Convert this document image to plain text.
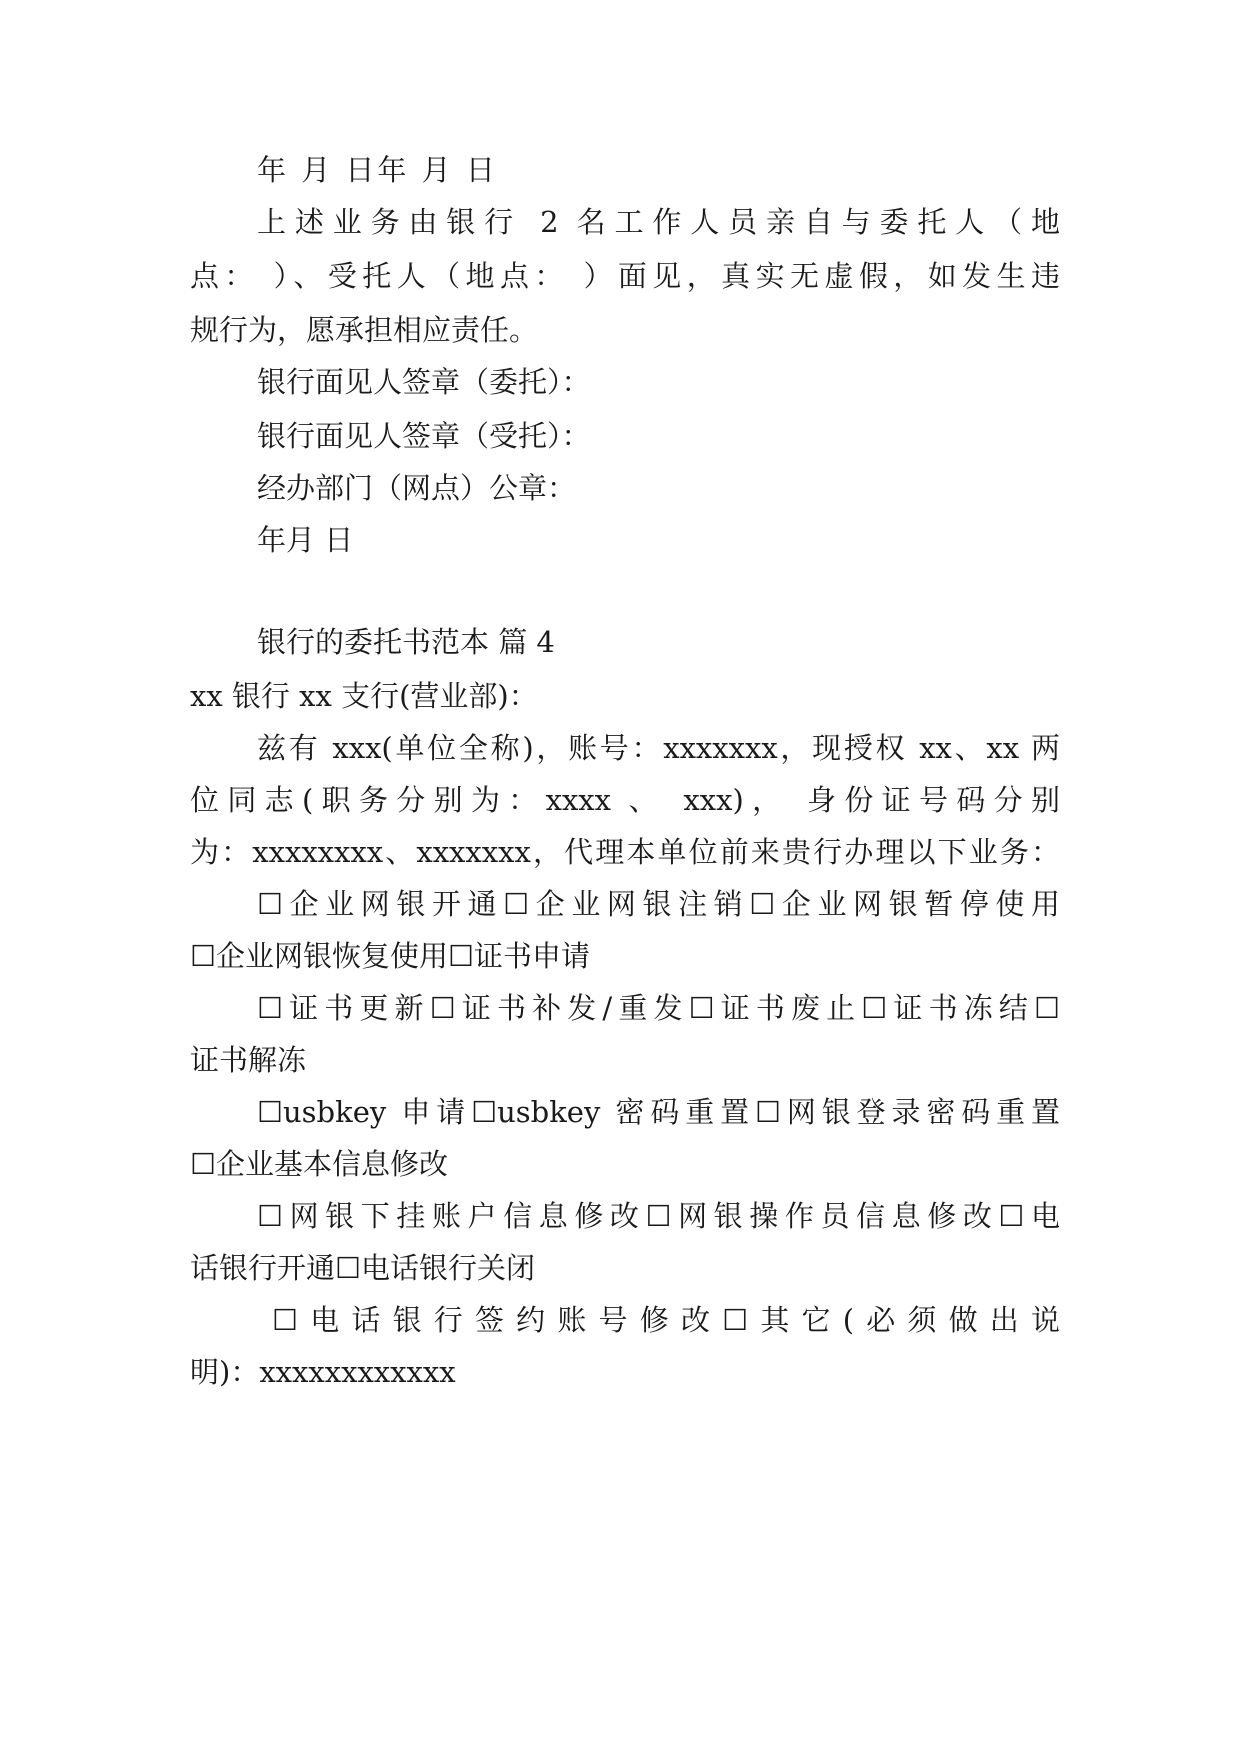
年 月 日年 月 日
上述业务由银行 2 名工作人员亲自与委托人（地
点： ）、受托人（地点： ）面见，真实无虚假，如发生违
规行为，愿承担相应责任。
银行面见人签章（委托）：
银行面见人签章（受托）：
经办部门（网点）公章：
年月 日
银行的委托书范本 篇 4
xx 银行 xx 支行(营业部)：
兹有 xxx(单位全称)，账号：xxxxxxx，现授权 xx、xx 两
位同志(职务分别为：xxxx 、 xxx)， 身份证号码分别
为：xxxxxxxx、xxxxxxx，代理本单位前来贵行办理以下业务：
☐企业网银开通☐企业网银注销☐企业网银暂停使用
☐企业网银恢复使用☐证书申请
☐证书更新☐证书补发/重发☐证书废止☐证书冻结☐
证书解冻
☐usbkey 申请☐usbkey 密码重置☐网银登录密码重置
☐企业基本信息修改
☐网银下挂账户信息修改☐网银操作员信息修改☐电
话银行开通☐电话银行关闭
☐电话银行签约账号修改☐其它(必须做出说
明)：xxxxxxxxxxxx
